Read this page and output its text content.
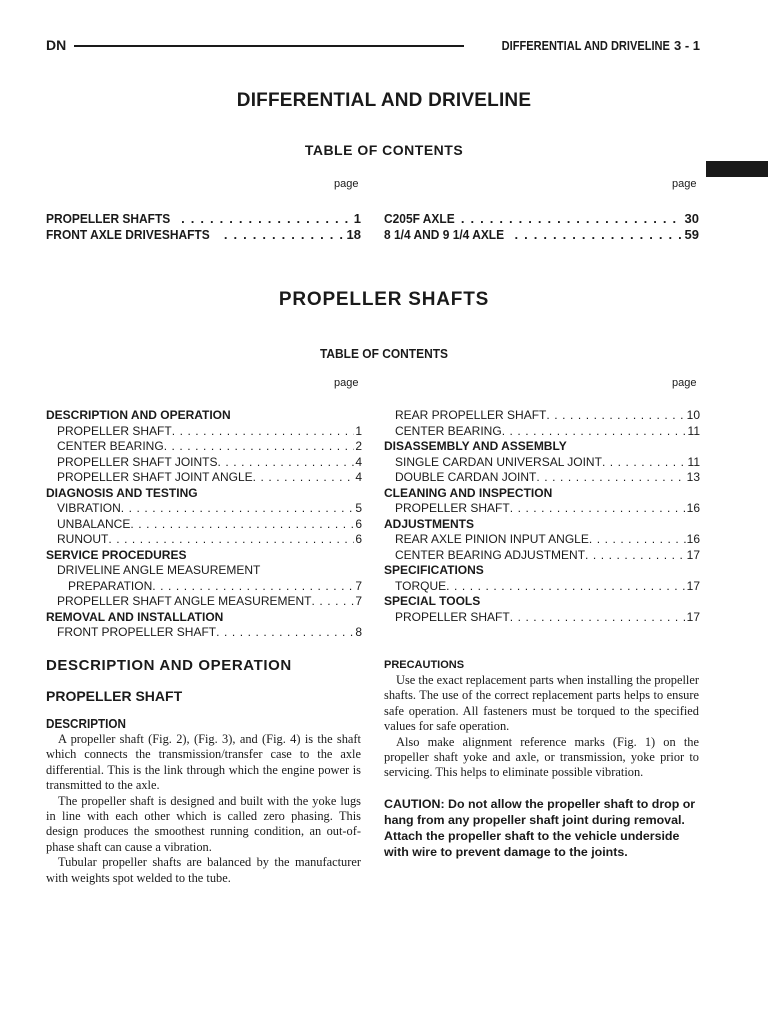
DN	DIFFERENTIAL AND DRIVELINE 3 - 1
DIFFERENTIAL AND DRIVELINE
TABLE OF CONTENTS
page	page
PROPELLER SHAFTS . . .	1
FRONT AXLE DRIVESHAFTS . . .	18
C205F AXLE . . .	30
8 1/4 AND 9 1/4 AXLE . . .	59
PROPELLER SHAFTS
TABLE OF CONTENTS
page	page
DESCRIPTION AND OPERATION
PROPELLER SHAFT . . .	1
CENTER BEARING . . .	2
PROPELLER SHAFT JOINTS . . .	4
PROPELLER SHAFT JOINT ANGLE . . .	4
DIAGNOSIS AND TESTING
VIBRATION . . .	5
UNBALANCE . . .	6
RUNOUT . . .	6
SERVICE PROCEDURES
DRIVELINE ANGLE MEASUREMENT
PREPARATION . . .	7
PROPELLER SHAFT ANGLE MEASUREMENT . . .	7
REMOVAL AND INSTALLATION
FRONT PROPELLER SHAFT . . .	8
REAR PROPELLER SHAFT . . .	10
CENTER BEARING . . .	11
DISASSEMBLY AND ASSEMBLY
SINGLE CARDAN UNIVERSAL JOINT . . .	11
DOUBLE CARDAN JOINT . . .	13
CLEANING AND INSPECTION
PROPELLER SHAFT . . .	16
ADJUSTMENTS
REAR AXLE PINION INPUT ANGLE . . .	16
CENTER BEARING ADJUSTMENT . . .	17
SPECIFICATIONS
TORQUE . . .	17
SPECIAL TOOLS
PROPELLER SHAFT . . .	17
DESCRIPTION AND OPERATION
PROPELLER SHAFT
DESCRIPTION

A propeller shaft (Fig. 2), (Fig. 3), and (Fig. 4) is the shaft which connects the transmission/transfer case to the axle differential. This is the link through which the engine power is transmitted to the axle.

The propeller shaft is designed and built with the yoke lugs in line with each other which is called zero phasing. This design produces the smoothest running condition, an out-of-phase shaft can cause a vibration.

Tubular propeller shafts are balanced by the manufacturer with weights spot welded to the tube.

PRECAUTIONS

Use the exact replacement parts when installing the propeller shafts. The use of the correct replacement parts helps to ensure safe operation. All fasteners must be torqued to the specified values for safe operation.

Also make alignment reference marks (Fig. 1) on the propeller shaft yoke and axle, or transmission, yoke prior to servicing. This helps to eliminate possible vibration.

CAUTION: Do not allow the propeller shaft to drop or hang from any propeller shaft joint during removal. Attach the propeller shaft to the vehicle underside with wire to prevent damage to the joints.
